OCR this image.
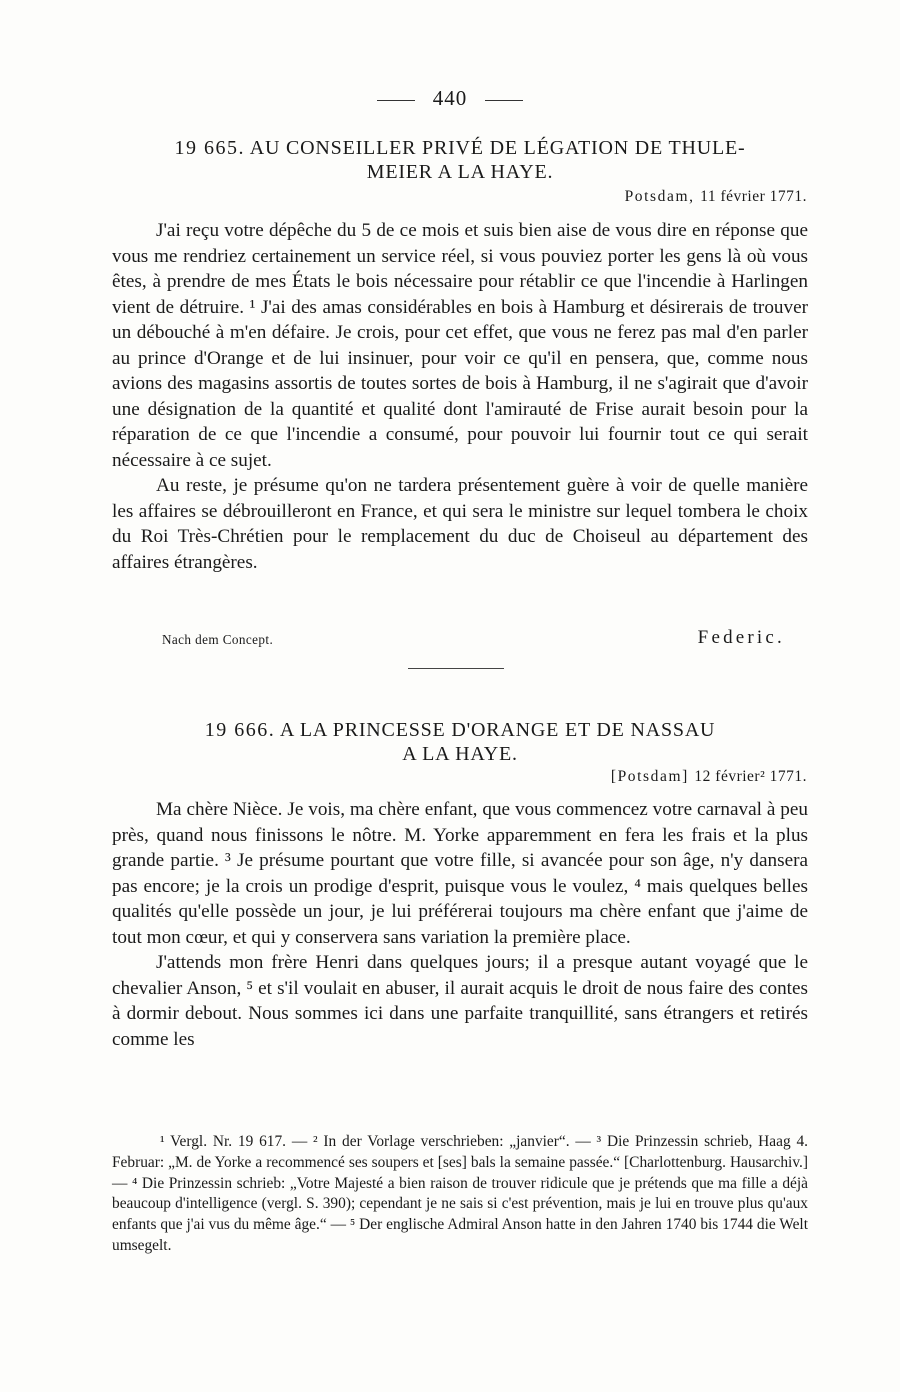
440
19 665. AU CONSEILLER PRIVÉ DE LÉGATION DE THULE-
MEIER A LA HAYE.
Potsdam, 11 février 1771.

J'ai reçu votre dépêche du 5 de ce mois et suis bien aise de vous dire en réponse que vous me rendriez certainement un service réel, si vous pouviez porter les gens là où vous êtes, à prendre de mes États le bois nécessaire pour rétablir ce que l'incendie à Harlingen vient de détruire. ¹ J'ai des amas considérables en bois à Hamburg et désirerais de trouver un débouché à m'en défaire. Je crois, pour cet effet, que vous ne ferez pas mal d'en parler au prince d'Orange et de lui insinuer, pour voir ce qu'il en pensera, que, comme nous avions des magasins assortis de toutes sortes de bois à Hamburg, il ne s'agirait que d'avoir une désignation de la quantité et qualité dont l'amirauté de Frise aurait besoin pour la réparation de ce que l'incendie a consumé, pour pouvoir lui fournir tout ce qui serait nécessaire à ce sujet.

Au reste, je présume qu'on ne tardera présentement guère à voir de quelle manière les affaires se débrouilleront en France, et qui sera le ministre sur lequel tombera le choix du Roi Très-Chrétien pour le remplacement du duc de Choiseul au département des affaires étrangères.

Nach dem Concept.	Federic.
19 666. A LA PRINCESSE D'ORANGE ET DE NASSAU
A LA HAYE.
[Potsdam] 12 février² 1771.

Ma chère Nièce. Je vois, ma chère enfant, que vous commencez votre carnaval à peu près, quand nous finissons le nôtre. M. Yorke apparemment en fera les frais et la plus grande partie. ³ Je présume pourtant que votre fille, si avancée pour son âge, n'y dansera pas encore; je la crois un prodige d'esprit, puisque vous le voulez, ⁴ mais quelques belles qualités qu'elle possède un jour, je lui préférerai toujours ma chère enfant que j'aime de tout mon cœur, et qui y conservera sans variation la première place.

J'attends mon frère Henri dans quelques jours; il a presque autant voyagé que le chevalier Anson, ⁵ et s'il voulait en abuser, il aurait acquis le droit de nous faire des contes à dormir debout. Nous sommes ici dans une parfaite tranquillité, sans étrangers et retirés comme les

¹ Vergl. Nr. 19 617. — ² In der Vorlage verschrieben: „janvier“. — ³ Die Prinzessin schrieb, Haag 4. Februar: „M. de Yorke a recommencé ses soupers et [ses] bals la semaine passée.“ [Charlottenburg. Hausarchiv.] — ⁴ Die Prinzessin schrieb: „Votre Majesté a bien raison de trouver ridicule que je prétends que ma fille a déjà beaucoup d'intelligence (vergl. S. 390); cependant je ne sais si c'est prévention, mais je lui en trouve plus qu'aux enfants que j'ai vus du même âge.“ — ⁵ Der englische Admiral Anson hatte in den Jahren 1740 bis 1744 die Welt umsegelt.
